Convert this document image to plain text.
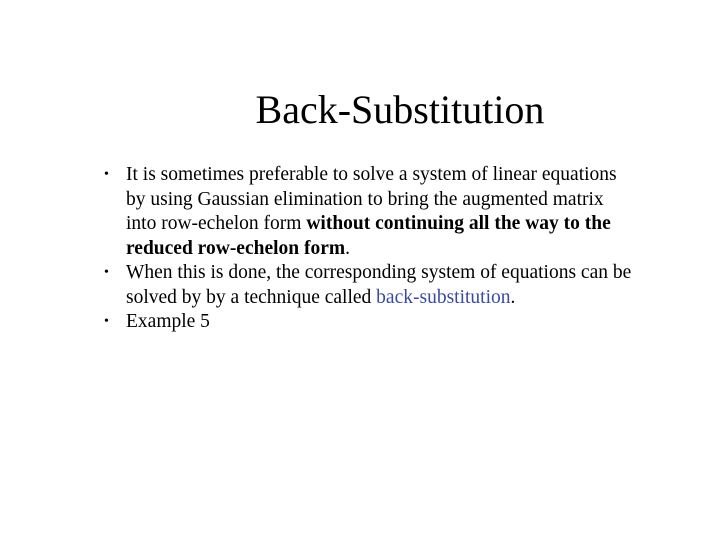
Back-Substitution
• It is sometimes preferable to solve a system of linear equations
by using Gaussian elimination to bring the augmented matrix
into row-echelon form without continuing all the way to the
reduced row-echelon form.
• When this is done, the corresponding system of equations can be
solved by by a technique called back-substitution.
• Example 5
